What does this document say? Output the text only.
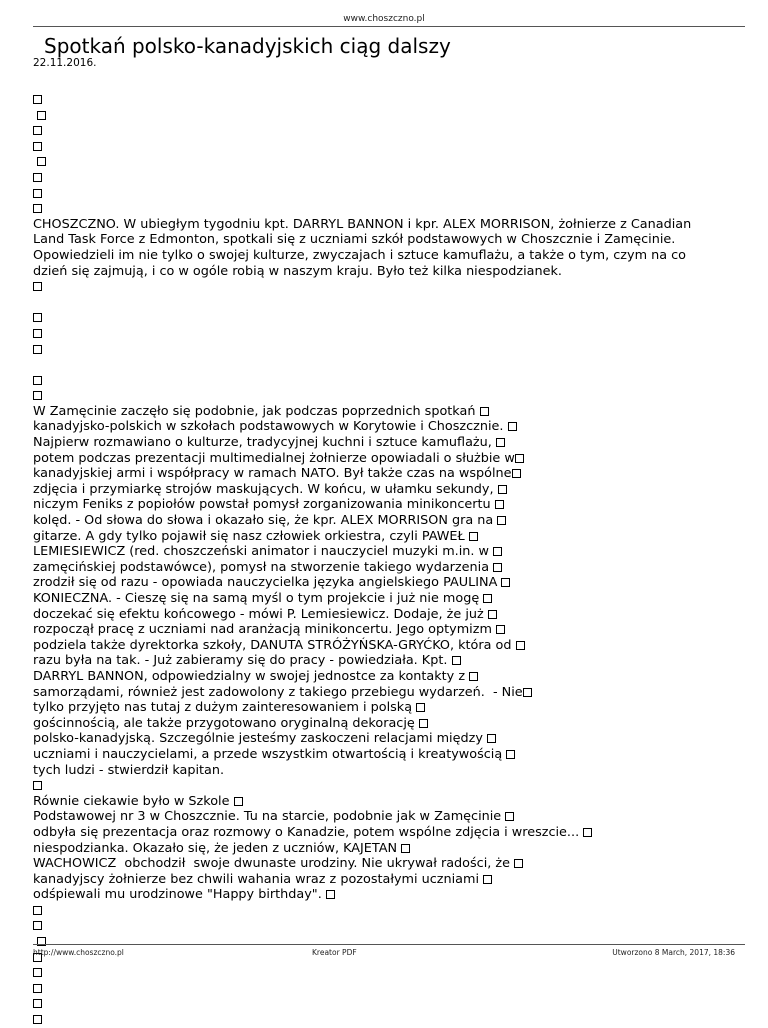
www.choszczno.pl
Spotkań polsko-kanadyjskich ciąg dalszy
22.11.2016.

CHOSZCZNO. W ubiegłym tygodniu kpt. DARRYL BANNON i kpr. ALEX MORRISON, żołnierze z Canadian
Land Task Force z Edmonton, spotkali się z uczniami szkół podstawowych w Choszcznie i Zamęcinie.
Opowiedzieli im nie tylko o swojej kulturze, zwyczajach i sztuce kamuflażu, a także o tym, czym na co
dzień się zajmują, i co w ogóle robią w naszym kraju. Było też kilka niespodzianek.
W Zamęcinie zaczęło się podobnie, jak podczas poprzednich spotkań
kanadyjsko-polskich w szkołach podstawowych w Korytowie i Choszcznie.
Najpierw rozmawiano o kulturze, tradycyjnej kuchni i sztuce kamuflażu,
potem podczas prezentacji multimedialnej żołnierze opowiadali o służbie w
kanadyjskiej armi i współpracy w ramach NATO. Był także czas na wspólne
zdjęcia i przymiarkę strojów maskujących. W końcu, w ułamku sekundy,
niczym Feniks z popiołów powstał pomysł zorganizowania minikoncertu
kolęd. - Od słowa do słowa i okazało się, że kpr. ALEX MORRISON gra na
gitarze. A gdy tylko pojawił się nasz człowiek orkiestra, czyli PAWEŁ
LEMIESIEWICZ (red. choszczeński animator i nauczyciel muzyki m.in. w
zamęcińskiej podstawówce), pomysł na stworzenie takiego wydarzenia
zrodził się od razu - opowiada nauczycielka języka angielskiego PAULINA
KONIECZNA. - Cieszę się na samą myśl o tym projekcie i już nie mogę
doczekać się efektu końcowego - mówi P. Lemiesiewicz. Dodaje, że już
rozpoczął pracę z uczniami nad aranżacją minikoncertu. Jego optymizm
podziela także dyrektorka szkoły, DANUTA STRÓŻYŃSKA-GRYĆKO, która od
razu była na tak. - Już zabieramy się do pracy - powiedziała. Kpt.
DARRYL BANNON, odpowiedzialny w swojej jednostce za kontakty z
samorządami, również jest zadowolony z takiego przebiegu wydarzeń.  - Nie
tylko przyjęto nas tutaj z dużym zainteresowaniem i polską
gościnnością, ale także przygotowano oryginalną dekorację
polsko-kanadyjską. Szczególnie jesteśmy zaskoczeni relacjami między
uczniami i nauczycielami, a przede wszystkim otwartością i kreatywością
tych ludzi - stwierdził kapitan.
Równie ciekawie było w Szkole
Podstawowej nr 3 w Choszcznie. Tu na starcie, podobnie jak w Zamęcinie
odbyła się prezentacja oraz rozmowy o Kanadzie, potem wspólne zdjęcia i wreszcie...
niespodzianka. Okazało się, że jeden z uczniów, KAJETAN
WACHOWICZ  obchodził  swoje dwunaste urodziny. Nie ukrywał radości, że
kanadyjscy żołnierze bez chwili wahania wraz z pozostałymi uczniami
odśpiewali mu urodzinowe "Happy birthday".

http://www.choszczno.pl	Kreator PDF	Utworzono 8 March, 2017, 18:36
